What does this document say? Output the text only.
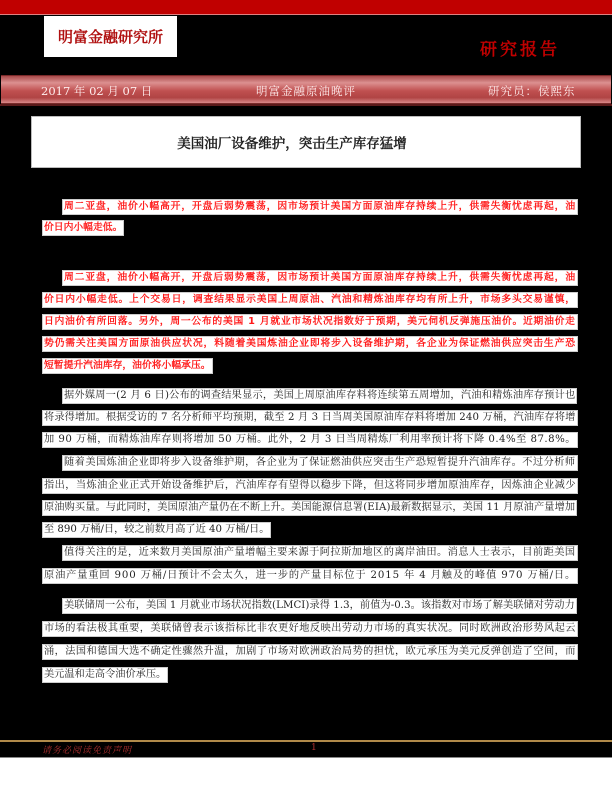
明富金融研究所
研究报告
2017 年 02 月 07 日	明富金融原油晚评	研究员：侯熙东
美国油厂设备维护，突击生产库存猛增
周二亚盘，油价小幅高开，开盘后弱势震荡，因市场预计美国方面原油库存持续上升，供需失衡忧虑再起，油
价日内小幅走低。
周二亚盘，油价小幅高开，开盘后弱势震荡，因市场预计美国方面原油库存持续上升，供需失衡忧虑再起，油
价日内小幅走低。上个交易日，调查结果显示美国上周原油、汽油和精炼油库存均有所上升，市场多头交易谨慎，
日内油价有所回落。另外，周一公布的美国 1 月就业市场状况指数好于预期，美元伺机反弹施压油价。近期油价走
势仍需关注美国方面原油供应状况，料随着美国炼油企业即将步入设备维护期，各企业为保证燃油供应突击生产恐
短暂提升汽油库存，油价将小幅承压。
据外媒周一(2 月 6 日)公布的调查结果显示，美国上周原油库存料将连续第五周增加，汽油和精炼油库存预计也
将录得增加。根据受访的 7 名分析师平均预期，截至 2 月 3 日当周美国原油库存料将增加 240 万桶，汽油库存将增
加 90 万桶，而精炼油库存则将增加 50 万桶。此外，2 月 3 日当周精炼厂利用率预计将下降 0.4%至 87.8%。
随着美国炼油企业即将步入设备维护期，各企业为了保证燃油供应突击生产恐短暂提升汽油库存。不过分析师
指出，当炼油企业正式开始设备维护后，汽油库存有望得以稳步下降，但这将同步增加原油库存，因炼油企业减少
原油购买量。与此同时，美国原油产量仍在不断上升。美国能源信息署(EIA)最新数据显示，美国 11 月原油产量增加
至 890 万桶/日，较之前数月高了近 40 万桶/日。
值得关注的是，近来数月美国原油产量增幅主要来源于阿拉斯加地区的离岸油田。消息人士表示，目前距美国
原油产量重回 900 万桶/日预计不会太久，进一步的产量目标位于 2015 年 4 月触及的峰值 970 万桶/日。
美联储周一公布，美国 1 月就业市场状况指数(LMCI)录得 1.3，前值为-0.3。该指数对市场了解美联储对劳动力
市场的看法极其重要，美联储曾表示该指标比非农更好地反映出劳动力市场的真实状况。同时欧洲政治形势风起云
涌，法国和德国大选不确定性骤然升温，加剧了市场对欧洲政治局势的担忧，欧元承压为美元反弹创造了空间，而
美元温和走高令油价承压。
请务必阅读免责声明	1
